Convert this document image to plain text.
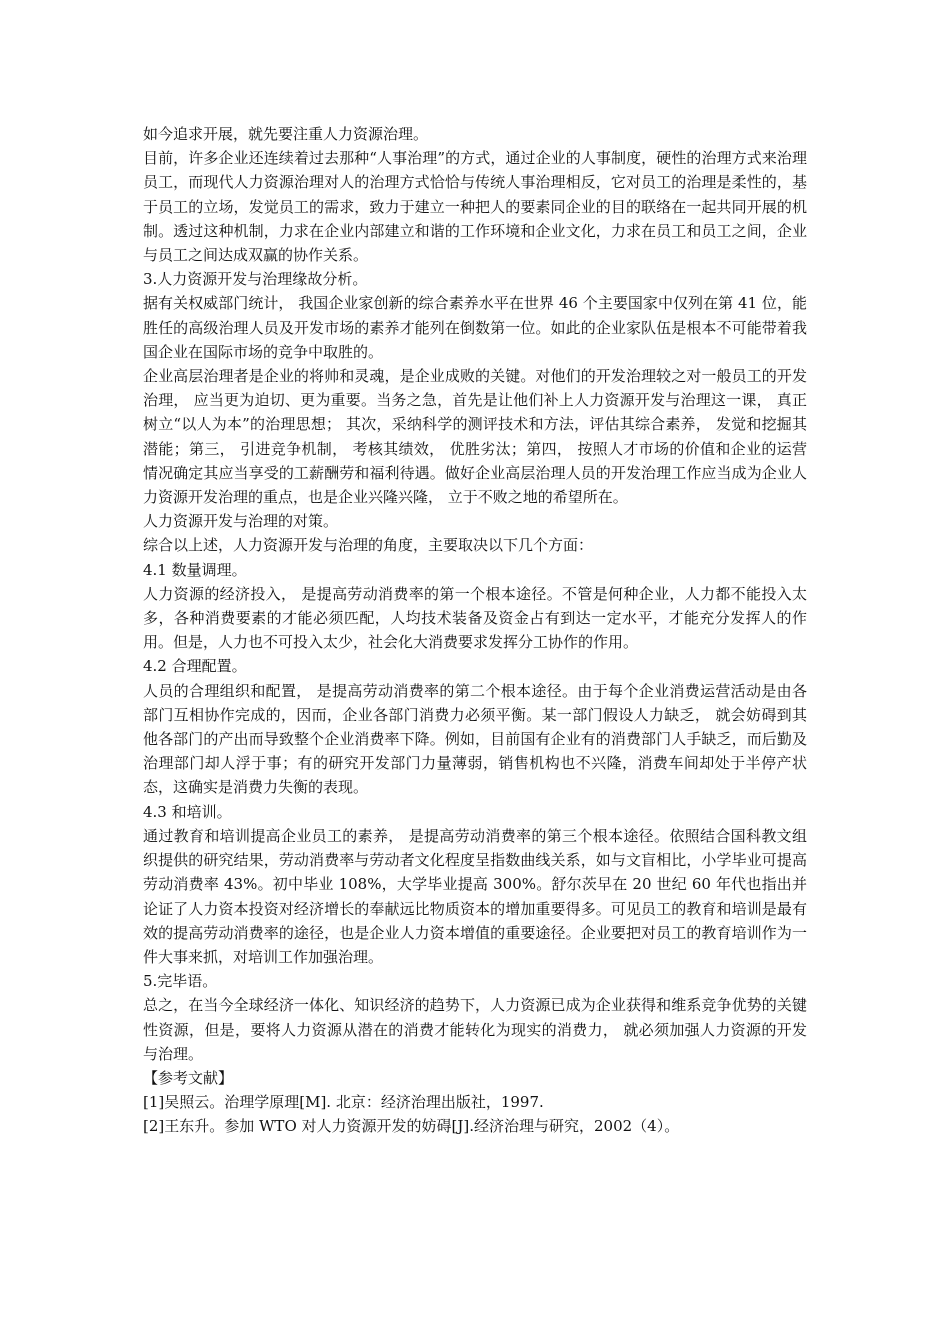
如今追求开展，就先要注重人力资源治理。

目前，许多企业还连续着过去那种“人事治理”的方式，通过企业的人事制度，硬性的治理方式来治理员工，而现代人力资源治理对人的治理方式恰恰与传统人事治理相反，它对员工的治理是柔性的，基于员工的立场，发觉员工的需求，致力于建立一种把人的要素同企业的目的联络在一起共同开展的机制。透过这种机制，力求在企业内部建立和谐的工作环境和企业文化，力求在员工和员工之间，企业与员工之间达成双赢的协作关系。

3.人力资源开发与治理缘故分析。

据有关权威部门统计， 我国企业家创新的综合素养水平在世界 46 个主要国家中仅列在第 41 位，能胜任的高级治理人员及开发市场的素养才能列在倒数第一位。如此的企业家队伍是根本不可能带着我国企业在国际市场的竞争中取胜的。

企业高层治理者是企业的将帅和灵魂，是企业成败的关键。对他们的开发治理较之对一般员工的开发治理， 应当更为迫切、更为重要。当务之急，首先是让他们补上人力资源开发与治理这一课， 真正树立“以人为本”的治理思想； 其次，采纳科学的测评技术和方法，评估其综合素养， 发觉和挖掘其潜能；第三， 引进竞争机制， 考核其绩效， 优胜劣汰；第四， 按照人才市场的价值和企业的运营情况确定其应当享受的工薪酬劳和福利待遇。做好企业高层治理人员的开发治理工作应当成为企业人力资源开发治理的重点，也是企业兴隆兴隆， 立于不败之地的希望所在。

人力资源开发与治理的对策。

综合以上述，人力资源开发与治理的角度，主要取决以下几个方面：

4.1 数量调理。

人力资源的经济投入， 是提高劳动消费率的第一个根本途径。不管是何种企业，人力都不能投入太多，各种消费要素的才能必须匹配，人均技术装备及资金占有到达一定水平，才能充分发挥人的作用。但是，人力也不可投入太少，社会化大消费要求发挥分工协作的作用。

4.2 合理配置。

人员的合理组织和配置， 是提高劳动消费率的第二个根本途径。由于每个企业消费运营活动是由各部门互相协作完成的，因而，企业各部门消费力必须平衡。某一部门假设人力缺乏， 就会妨碍到其他各部门的产出而导致整个企业消费率下降。例如，目前国有企业有的消费部门人手缺乏，而后勤及治理部门却人浮于事；有的研究开发部门力量薄弱，销售机构也不兴隆，消费车间却处于半停产状态，这确实是消费力失衡的表现。

4.3 和培训。

通过教育和培训提高企业员工的素养， 是提高劳动消费率的第三个根本途径。依照结合国科教文组织提供的研究结果，劳动消费率与劳动者文化程度呈指数曲线关系，如与文盲相比，小学毕业可提高劳动消费率 43%。初中毕业 108%，大学毕业提高 300%。舒尔茨早在 20 世纪 60 年代也指出并论证了人力资本投资对经济增长的奉献远比物质资本的增加重要得多。可见员工的教育和培训是最有效的提高劳动消费率的途径，也是企业人力资本增值的重要途径。企业要把对员工的教育培训作为一件大事来抓，对培训工作加强治理。

5.完毕语。

总之，在当今全球经济一体化、知识经济的趋势下，人力资源已成为企业获得和维系竞争优势的关键性资源，但是，要将人力资源从潜在的消费才能转化为现实的消费力， 就必须加强人力资源的开发与治理。

【参考文献】

[1]吴照云。治理学原理[M]. 北京：经济治理出版社，1997.

[2]王东升。参加 WTO 对人力资源开发的妨碍[J].经济治理与研究，2002（4）。
